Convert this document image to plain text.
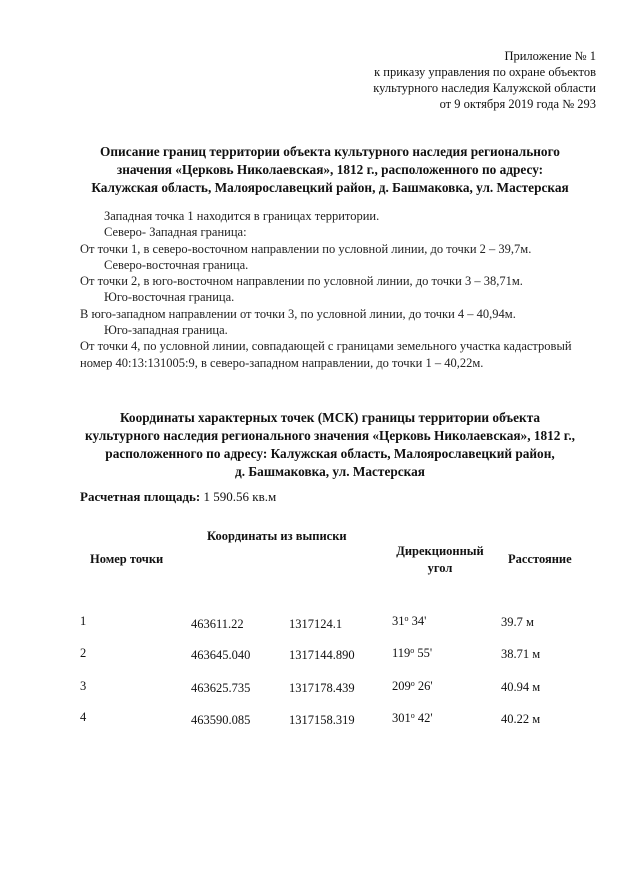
Приложение № 1
к приказу управления по охране объектов
культурного наследия Калужской области
от 9 октября 2019 года № 293
Описание границ территории объекта культурного наследия регионального
значения «Церковь Николаевская», 1812 г., расположенного по адресу:
Калужская область, Малоярославецкий район, д. Башмаковка, ул. Мастерская
Западная точка 1 находится в границах территории.
Северо- Западная граница:
От точки 1, в северо-восточном направлении по условной линии, до точки 2 – 39,7м.
Северо-восточная граница.
От точки 2, в юго-восточном направлении по условной линии, до точки 3 – 38,71м.
Юго-восточная граница.
В юго-западном направлении от точки 3, по условной линии, до точки 4 – 40,94м.
Юго-западная граница.
От точки 4, по условной линии, совпадающей с границами земельного участка кадастровый номер 40:13:131005:9, в северо-западном направлении, до точки 1 – 40,22м.
Координаты характерных точек (МСК) границы территории объекта
культурного наследия регионального значения «Церковь Николаевская», 1812 г.,
расположенного по адресу: Калужская область, Малоярославецкий район,
д. Башмаковка, ул. Мастерская
Расчетная площадь: 1 590.56 кв.м
Координаты из выписки
Номер точки
Дирекционный
угол
Расстояние
1	463611.22	1317124.1	31$^o$ 34'	39.7 м
2	463645.040	1317144.890	119$^o$ 55'	38.71 м
3	463625.735	1317178.439	209$^o$ 26'	40.94 м
4	463590.085	1317158.319	301$^o$ 42'	40.22 м
